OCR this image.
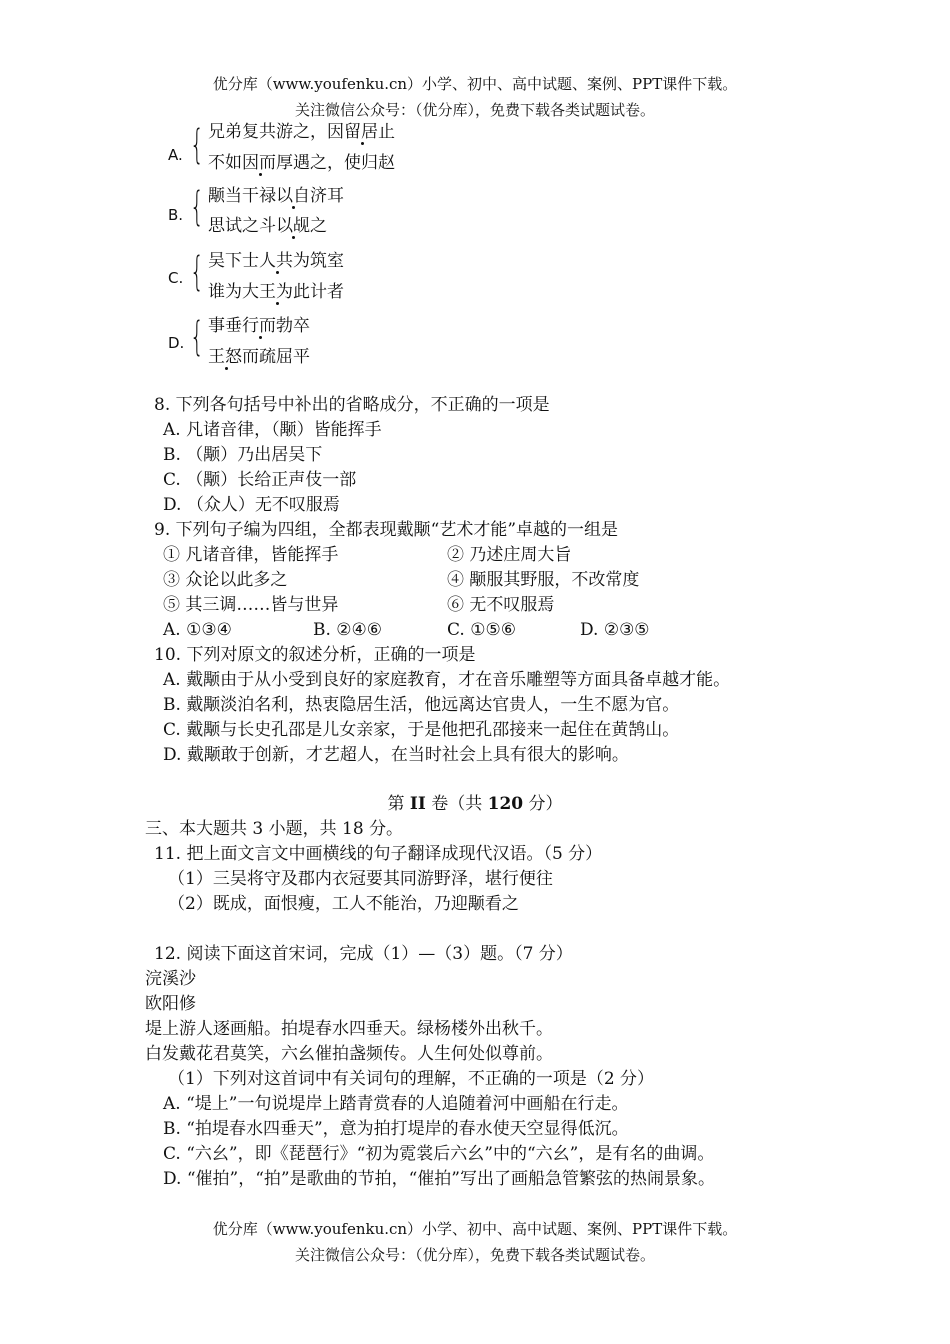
优分库（www.youfenku.cn）小学、初中、高中试题、案例、PPT课件下载。
关注微信公众号：（优分库），免费下载各类试题试卷。
A. { 兄弟复共游之，因留居止
不如因而厚遇之，使归赵
B. { 颙当干禄以自济耳
思试之斗以觇之
C. { 吴下士人共为筑室
谁为大王为此计者
D. { 事垂行而勃卒
王怒而疏屈平
8. 下列各句括号中补出的省略成分，不正确的一项是
A. 凡诸音律，（颙）皆能挥手
B. （颙）乃出居吴下
C. （颙）长给正声伎一部
D. （众人）无不叹服焉
9. 下列句子编为四组，全都表现戴颙“艺术才能”卓越的一组是
① 凡诸音律，皆能挥手	② 乃述庄周大旨
③ 众论以此多之	④ 颙服其野服，不改常度
⑤ 其三调……皆与世异	⑥ 无不叹服焉
A. ①③④	B. ②④⑥	C. ①⑤⑥	D. ②③⑤
10. 下列对原文的叙述分析，正确的一项是
A. 戴颙由于从小受到良好的家庭教育，才在音乐雕塑等方面具备卓越才能。
B. 戴颙淡泊名利，热衷隐居生活，他远离达官贵人，一生不愿为官。
C. 戴颙与长史孔邵是儿女亲家，于是他把孔邵接来一起住在黄鹄山。
D. 戴颙敢于创新，才艺超人，在当时社会上具有很大的影响。
第 II 卷（共 120 分）
三、本大题共 3 小题，共 18 分。
11. 把上面文言文中画横线的句子翻译成现代汉语。（5 分）
（1）三吴将守及郡内衣冠要其同游野泽，堪行便往
（2）既成，面恨瘦，工人不能治，乃迎颙看之
12. 阅读下面这首宋词，完成（1）—（3）题。（7 分）
浣溪沙
欧阳修
堤上游人逐画船。拍堤春水四垂天。绿杨楼外出秋千。
白发戴花君莫笑，六幺催拍盏频传。人生何处似尊前。
（1）下列对这首词中有关词句的理解，不正确的一项是（2 分）
A. “堤上”一句说堤岸上踏青赏春的人追随着河中画船在行走。
B. “拍堤春水四垂天”，意为拍打堤岸的春水使天空显得低沉。
C. “六幺”，即《琵琶行》“初为霓裳后六幺”中的“六幺”，是有名的曲调。
D. “催拍”，“拍”是歌曲的节拍，“催拍”写出了画船急管繁弦的热闹景象。
优分库（www.youfenku.cn）小学、初中、高中试题、案例、PPT课件下载。
关注微信公众号：（优分库），免费下载各类试题试卷。
